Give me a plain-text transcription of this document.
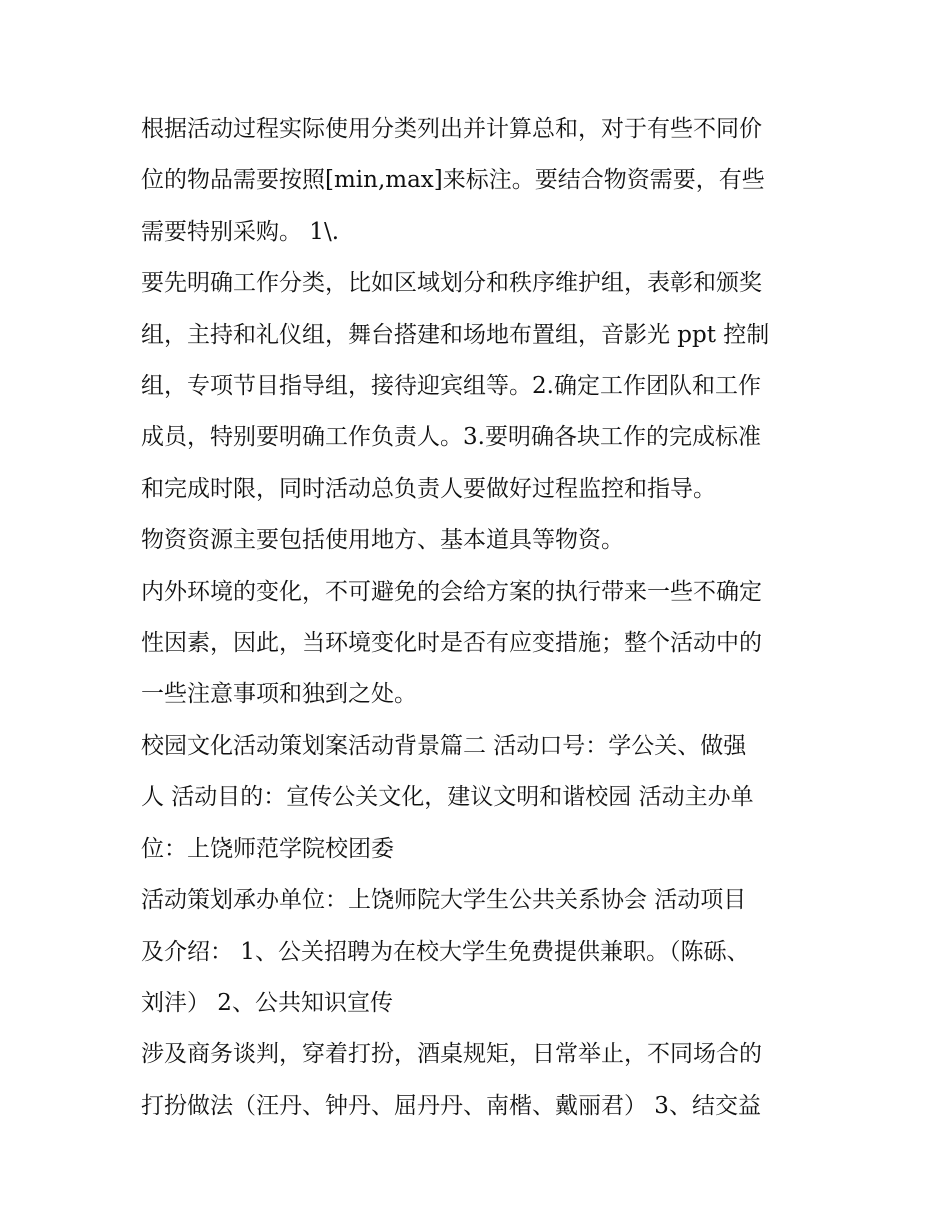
根据活动过程实际使用分类列出并计算总和，对于有些不同价
位的物品需要按照[min,max]来标注。要结合物资需要，有些
需要特别采购。 1\.

要先明确工作分类，比如区域划分和秩序维护组，表彰和颁奖
组，主持和礼仪组，舞台搭建和场地布置组，音影光 ppt 控制
组，专项节目指导组，接待迎宾组等。2.确定工作团队和工作
成员，特别要明确工作负责人。3.要明确各块工作的完成标准
和完成时限，同时活动总负责人要做好过程监控和指导。

物资资源主要包括使用地方、基本道具等物资。

内外环境的变化，不可避免的会给方案的执行带来一些不确定
性因素，因此，当环境变化时是否有应变措施；整个活动中的
一些注意事项和独到之处。

校园文化活动策划案活动背景篇二 活动口号：学公关、做强
人 活动目的：宣传公关文化，建议文明和谐校园 活动主办单
位：上饶师范学院校团委

活动策划承办单位：上饶师院大学生公共关系协会 活动项目
及介绍： 1、公关招聘为在校大学生免费提供兼职。（陈砾、
刘沣） 2、公共知识宣传

涉及商务谈判，穿着打扮，酒桌规矩，日常举止，不同场合的
打扮做法（汪丹、钟丹、屈丹丹、南楷、戴丽君） 3、结交益
